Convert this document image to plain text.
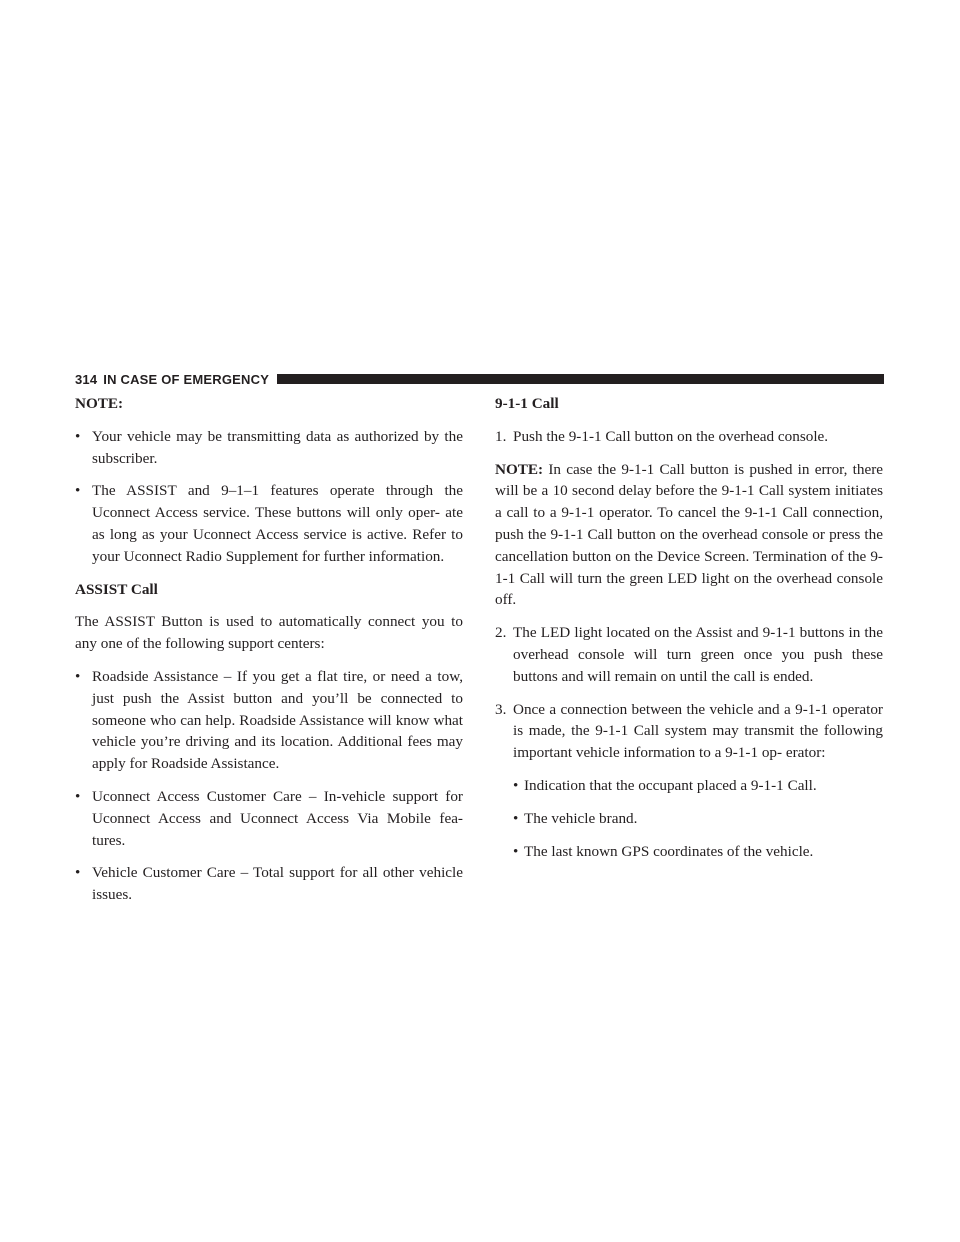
314 IN CASE OF EMERGENCY
NOTE:
• Your vehicle may be transmitting data as authorized by the subscriber.
• The ASSIST and 9–1–1 features operate through the Uconnect Access service. These buttons will only oper- ate as long as your Uconnect Access service is active. Refer to your Uconnect Radio Supplement for further information.
ASSIST Call

The ASSIST Button is used to automatically connect you to any one of the following support centers:

• Roadside Assistance – If you get a flat tire, or need a tow, just push the Assist button and you’ll be connected to someone who can help. Roadside Assistance will know what vehicle you’re driving and its location. Additional fees may apply for Roadside Assistance.
• Uconnect Access Customer Care – In-vehicle support for Uconnect Access and Uconnect Access Via Mobile fea- tures.
• Vehicle Customer Care – Total support for all other vehicle issues.
9-1-1 Call
1. Push the 9-1-1 Call button on the overhead console.

NOTE: In case the 9-1-1 Call button is pushed in error, there will be a 10 second delay before the 9-1-1 Call system initiates a call to a 9-1-1 operator. To cancel the 9-1-1 Call connection, push the 9-1-1 Call button on the overhead console or press the cancellation button on the Device Screen. Termination of the 9-1-1 Call will turn the green LED light on the overhead console off.

2. The LED light located on the Assist and 9-1-1 buttons in the overhead console will turn green once you push these buttons and will remain on until the call is ended.
3. Once a connection between the vehicle and a 9-1-1 operator is made, the 9-1-1 Call system may transmit the following important vehicle information to a 9-1-1 op- erator:
• Indication that the occupant placed a 9-1-1 Call.
• The vehicle brand.
• The last known GPS coordinates of the vehicle.
